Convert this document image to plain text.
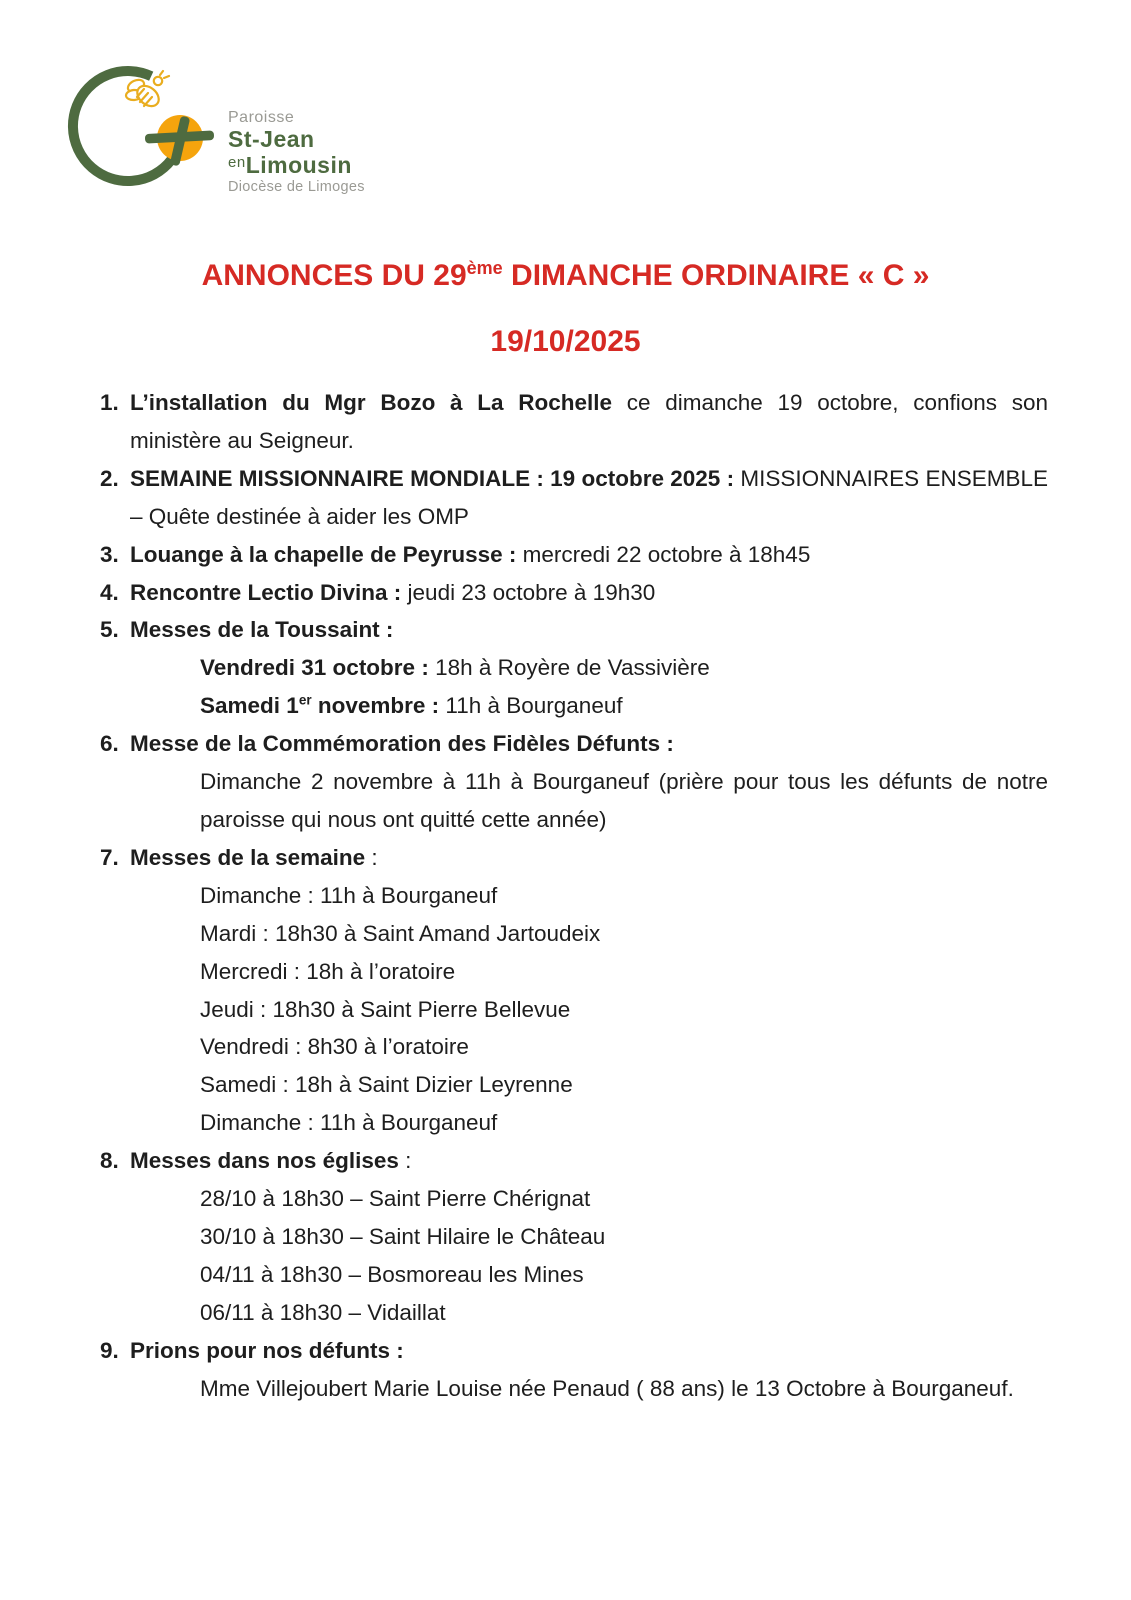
Paroisse
St-Jean
$^{en}$Limousin
Diocèse de Limoges
ANNONCES DU 29ème DIMANCHE ORDINAIRE « C »
19/10/2025
1. L’installation du Mgr Bozo à La Rochelle ce dimanche 19 octobre, confions son
ministère au Seigneur.
2. SEMAINE MISSIONNAIRE MONDIALE : 19 octobre 2025 : MISSIONNAIRES ENSEMBLE
– Quête destinée à aider les OMP
3. Louange à la chapelle de Peyrusse : mercredi 22 octobre à 18h45
4. Rencontre Lectio Divina : jeudi 23 octobre à 19h30
5. Messes de la Toussaint :
Vendredi 31 octobre : 18h à Royère de Vassivière
Samedi 1er novembre : 11h à Bourganeuf
6. Messe de la Commémoration des Fidèles Défunts :
Dimanche 2 novembre à 11h à Bourganeuf (prière pour tous les défunts de notre
paroisse qui nous ont quitté cette année)
7. Messes de la semaine :
Dimanche : 11h à Bourganeuf
Mardi : 18h30 à Saint Amand Jartoudeix
Mercredi : 18h à l’oratoire
Jeudi : 18h30 à Saint Pierre Bellevue
Vendredi : 8h30 à l’oratoire
Samedi : 18h à Saint Dizier Leyrenne
Dimanche : 11h à Bourganeuf
8. Messes dans nos églises :
28/10 à 18h30 – Saint Pierre Chérignat
30/10 à 18h30 – Saint Hilaire le Château
04/11 à 18h30 – Bosmoreau les Mines
06/11 à 18h30 – Vidaillat
9. Prions pour nos défunts :
Mme Villejoubert Marie Louise née Penaud ( 88 ans) le 13 Octobre à Bourganeuf.
